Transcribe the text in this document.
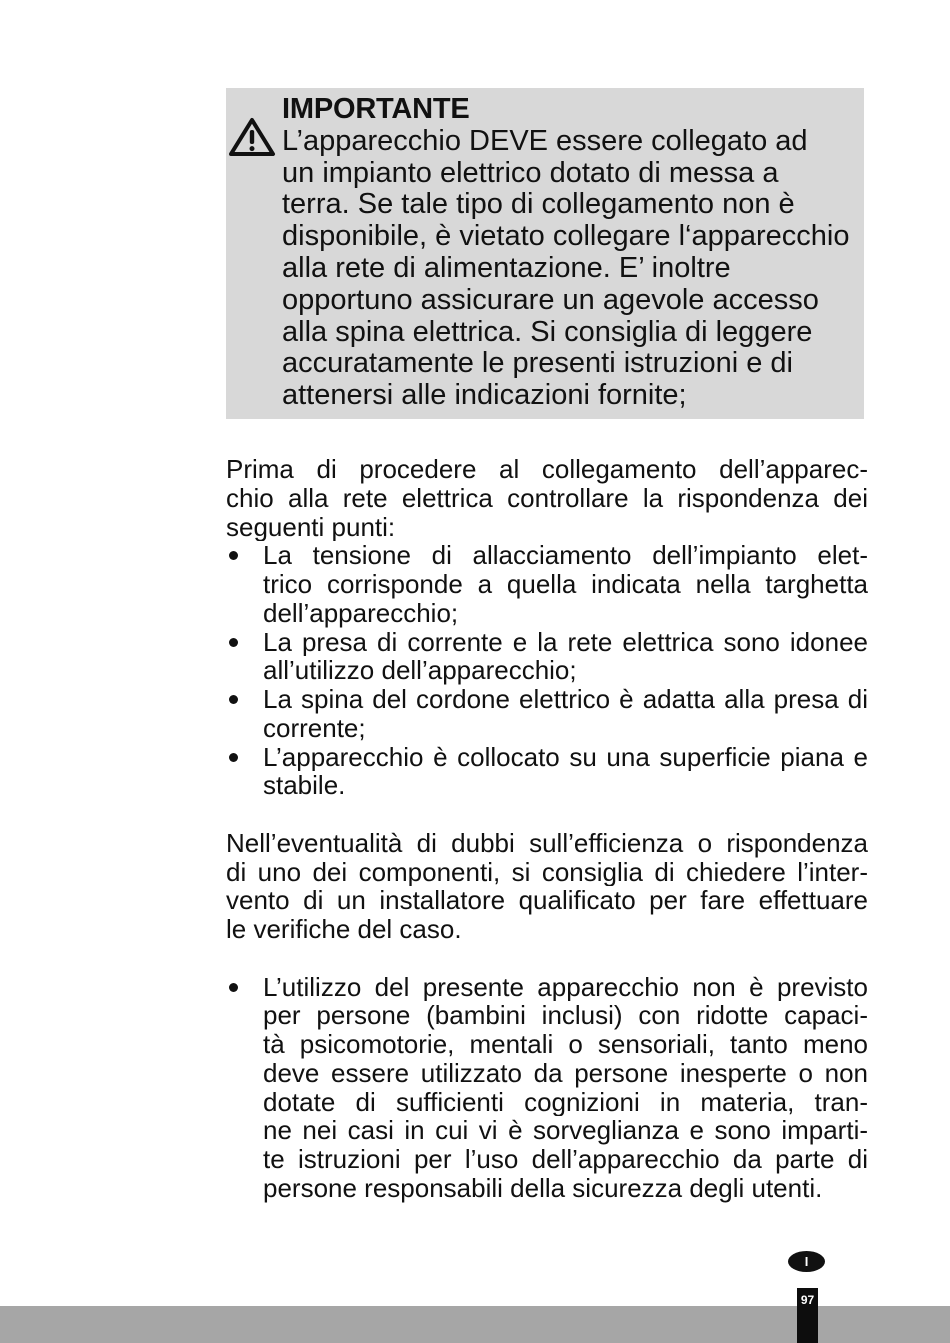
IMPORTANTE
L’apparecchio DEVE essere collegato ad
un impianto elettrico dotato di messa a
terra. Se tale tipo di collegamento non è
disponibile, è vietato collegare l‘apparecchio
alla rete di alimentazione. E’ inoltre
opportuno assicurare un agevole accesso
alla spina elettrica. Si consiglia di leggere
accuratamente le presenti istruzioni e di
attenersi alle indicazioni fornite;
Prima di procedere al collegamento dell’apparec-
chio alla rete elettrica controllare la rispondenza dei
seguenti punti:
La tensione di allacciamento dell’impianto elet-
trico corrisponde a quella indicata nella targhetta
dell’apparecchio;
La presa di corrente e la rete elettrica sono idonee
all’utilizzo dell’apparecchio;
La spina del cordone elettrico è adatta alla presa di
corrente;
L’apparecchio è collocato su una superficie piana e
stabile.
Nell’eventualità di dubbi sull’efficienza o rispondenza
di uno dei componenti, si consiglia di chiedere l’inter-
vento di un installatore qualificato per fare effettuare
le verifiche del caso.
L’utilizzo del presente apparecchio non è previsto
per persone (bambini inclusi) con ridotte capaci-
tà psicomotorie, mentali o sensoriali, tanto meno
deve essere utilizzato da persone inesperte o non
dotate di sufficienti cognizioni in materia, tran-
ne nei casi in cui vi è sorveglianza e sono imparti-
te istruzioni per l’uso dell’apparecchio da parte di
persone responsabili della sicurezza degli utenti.
I
97
